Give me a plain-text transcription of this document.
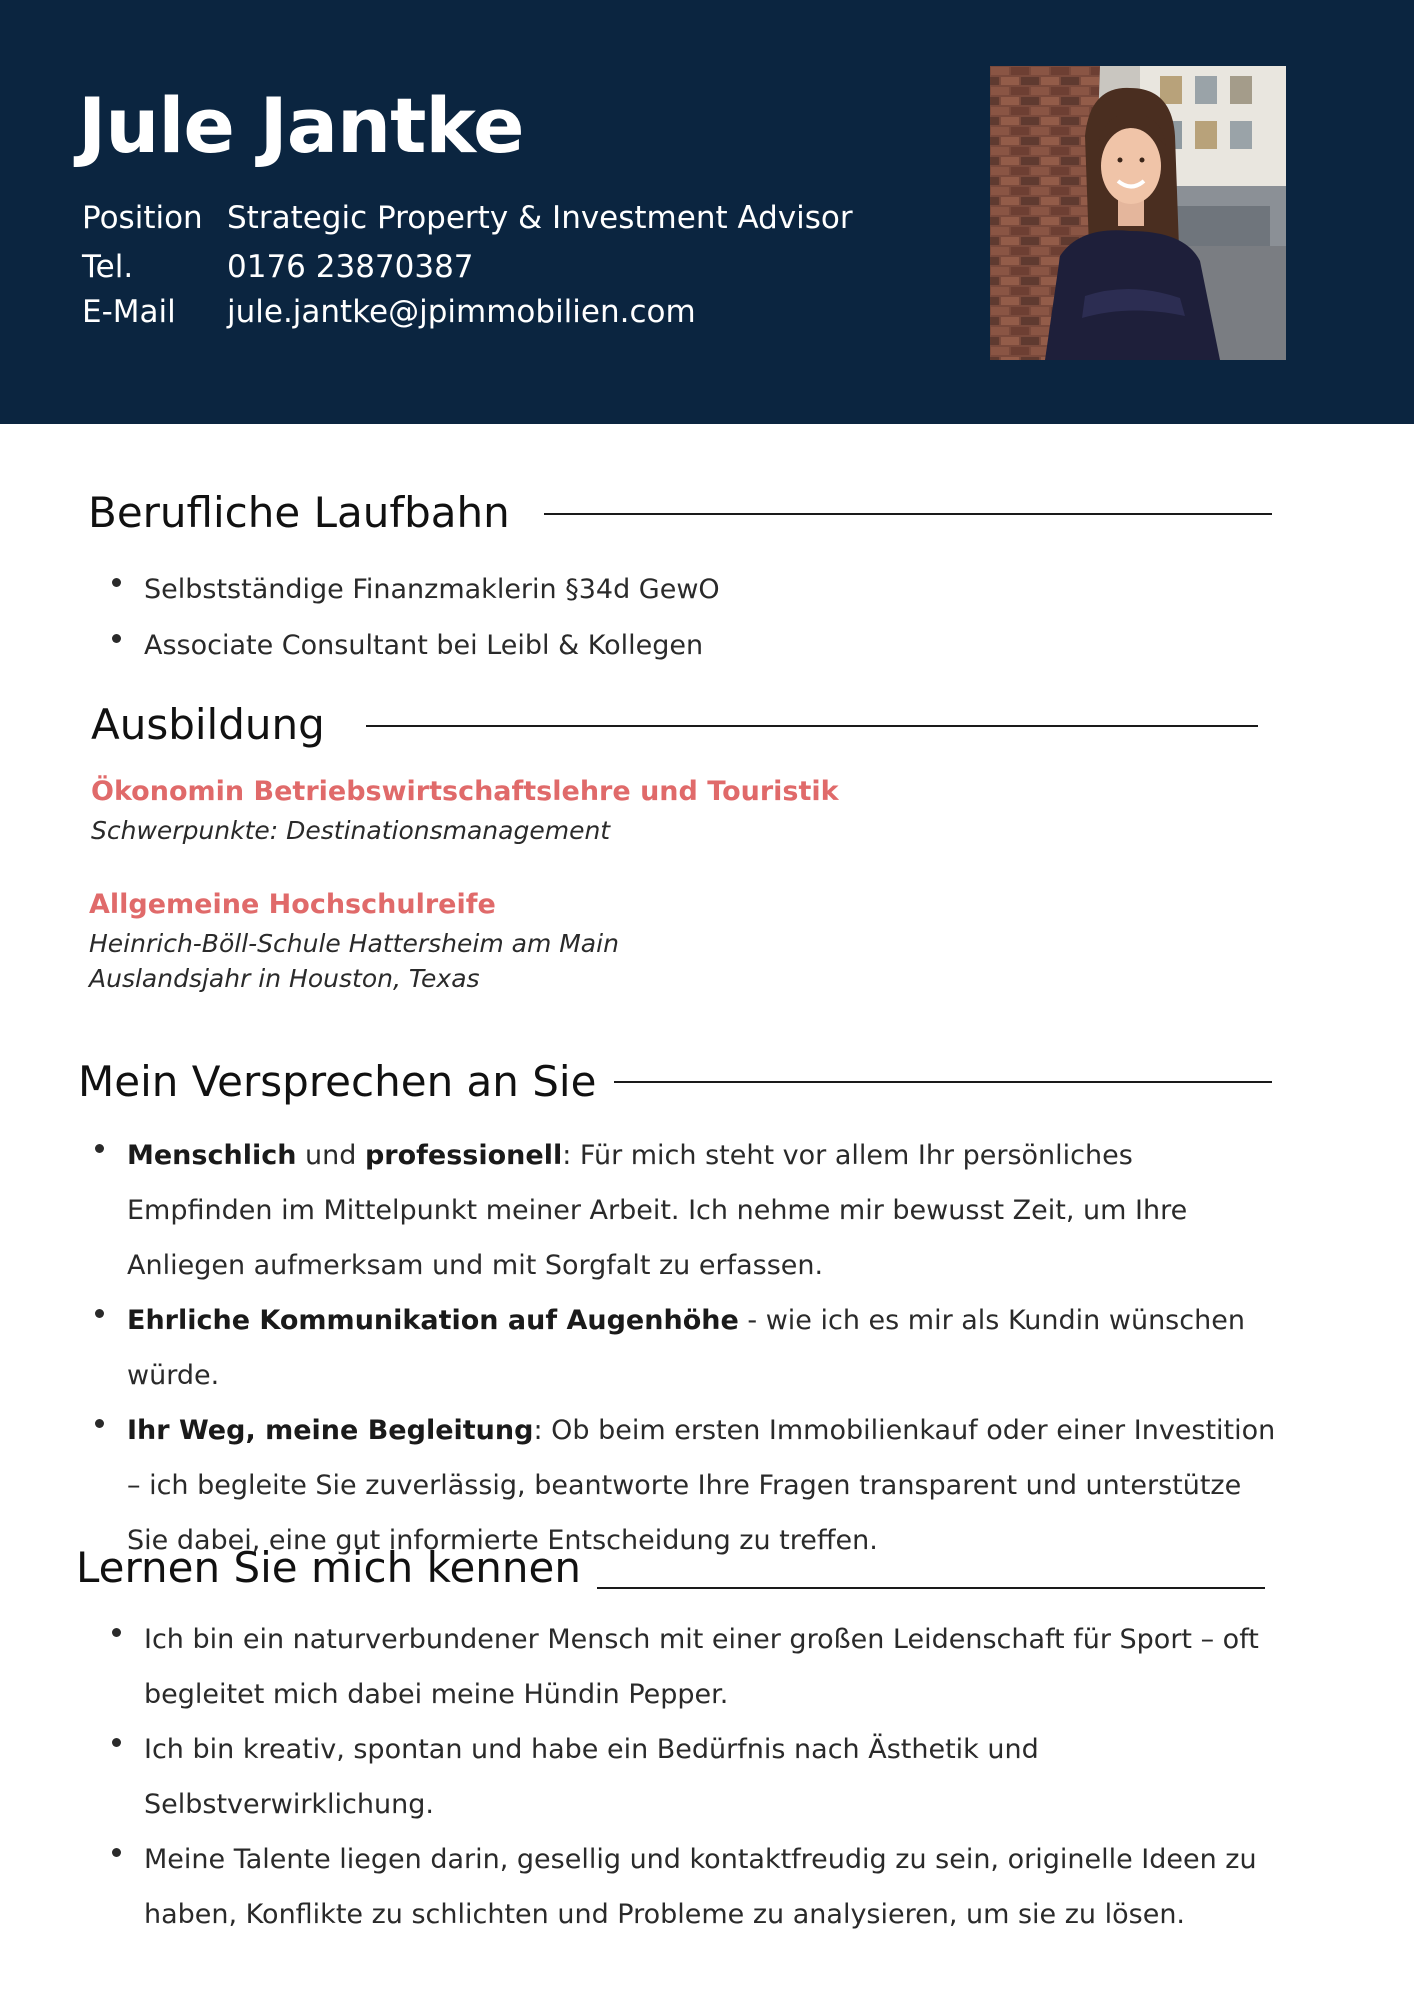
Jule Jantke
Position Strategic Property & Investment Advisor
Tel.	0176 23870387
E-Mail jule.jantke@jpimmobilien.com
Berufliche Laufbahn
Selbstständige Finanzmaklerin §34d GewO
Associate Consultant bei Leibl & Kollegen
Ausbildung

Ökonomin Betriebswirtschaftslehre und Touristik

Schwerpunkte: Destinationsmanagement

Allgemeine Hochschulreife

Heinrich-Böll-Schule Hattersheim am Main

Auslandsjahr in Houston, Texas

Mein Versprechen an Sie
Menschlich und professionell: Für mich steht vor allem Ihr persönliches Empfinden im Mittelpunkt meiner Arbeit. Ich nehme mir bewusst Zeit, um Ihre Anliegen aufmerksam und mit Sorgfalt zu erfassen.
Ehrliche Kommunikation auf Augenhöhe - wie ich es mir als Kundin wünschen würde.
Ihr Weg, meine Begleitung: Ob beim ersten Immobilienkauf oder einer Investition – ich begleite Sie zuverlässig, beantworte Ihre Fragen transparent und unterstütze Sie dabei, eine gut informierte Entscheidung zu treffen.
Lernen Sie mich kennen
Ich bin ein naturverbundener Mensch mit einer großen Leidenschaft für Sport – oft begleitet mich dabei meine Hündin Pepper.
Ich bin kreativ, spontan und habe ein Bedürfnis nach Ästhetik und Selbstverwirklichung.
Meine Talente liegen darin, gesellig und kontaktfreudig zu sein, originelle Ideen zu haben, Konflikte zu schlichten und Probleme zu analysieren, um sie zu lösen.
